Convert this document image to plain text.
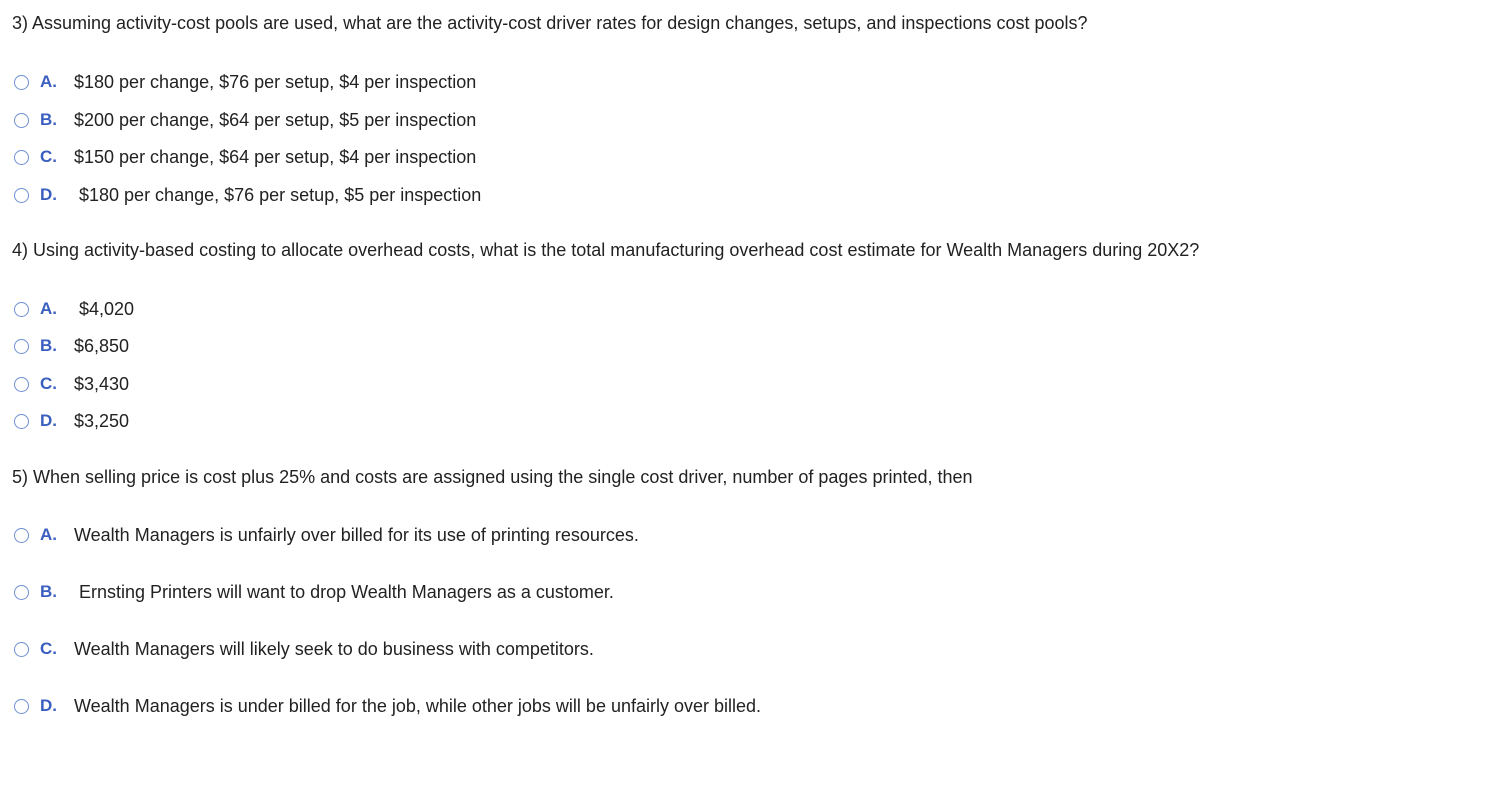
3) Assuming activity-cost pools are used, what are the activity-cost driver rates for design changes, setups, and inspections cost pools?
A. $180 per change, $76 per setup, $4 per inspection
B. $200 per change, $64 per setup, $5 per inspection
C. $150 per change, $64 per setup, $4 per inspection
D.	$180 per change, $76 per setup, $5 per inspection
4) Using activity-based costing to allocate overhead costs, what is the total manufacturing overhead cost estimate for Wealth Managers during 20X2?
A.	$4,020
B. $6,850
C. $3,430
D. $3,250
5) When selling price is cost plus 25% and costs are assigned using the single cost driver, number of pages printed, then
A. Wealth Managers is unfairly over billed for its use of printing resources.
B.	Ernsting Printers will want to drop Wealth Managers as a customer.
C. Wealth Managers will likely seek to do business with competitors.
D. Wealth Managers is under billed for the job, while other jobs will be unfairly over billed.
